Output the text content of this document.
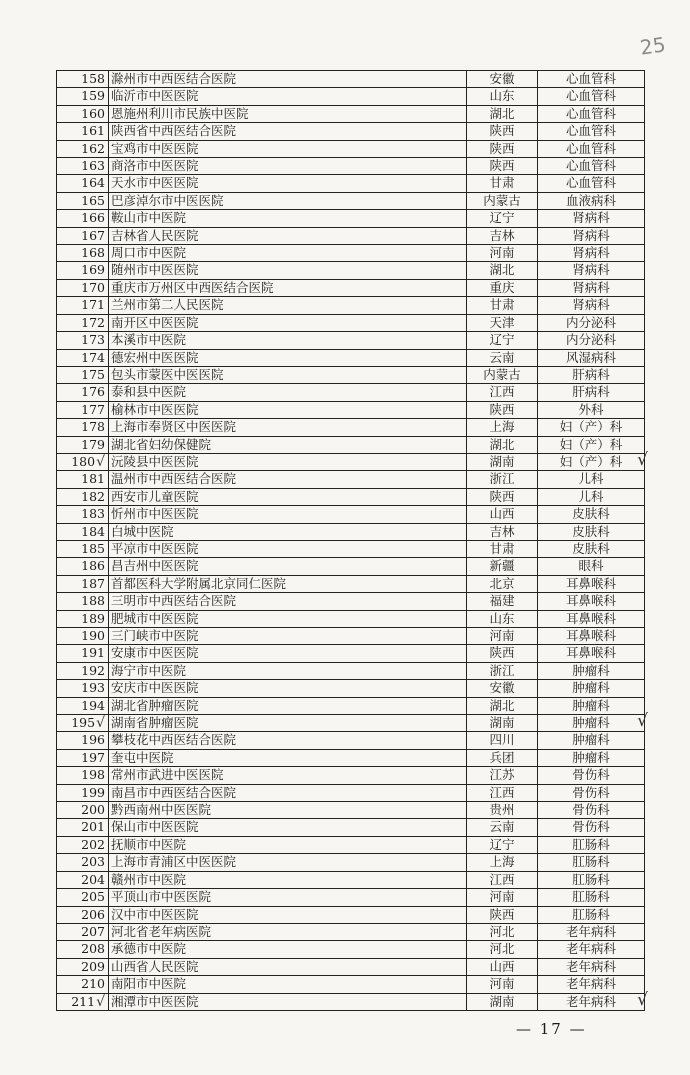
25
158	滁州市中西医结合医院	安徽	心血管科
159	临沂市中医医院	山东	心血管科
160	恩施州利川市民族中医院	湖北	心血管科
161	陕西省中西医结合医院	陕西	心血管科
162	宝鸡市中医医院	陕西	心血管科
163	商洛市中医医院	陕西	心血管科
164	天水市中医医院	甘肃	心血管科
165	巴彦淖尔市中医医院	内蒙古	血液病科
166	鞍山市中医院	辽宁	肾病科
167	吉林省人民医院	吉林	肾病科
168	周口市中医院	河南	肾病科
169	随州市中医医院	湖北	肾病科
170	重庆市万州区中西医结合医院	重庆	肾病科
171	兰州市第二人民医院	甘肃	肾病科
172	南开区中医医院	天津	内分泌科
173	本溪市中医院	辽宁	内分泌科
174	德宏州中医医院	云南	风湿病科
175	包头市蒙医中医医院	内蒙古	肝病科
176	泰和县中医院	江西	肝病科
177	榆林市中医医院	陕西	外科
178	上海市奉贤区中医医院	上海	妇（产）科
179	湖北省妇幼保健院	湖北	妇（产）科
180√	沅陵县中医医院	湖南	妇（产）科 √

181	温州市中西医结合医院	浙江	儿科
182	西安市儿童医院	陕西	儿科
183	忻州市中医医院	山西	皮肤科
184	白城中医院	吉林	皮肤科
185	平凉市中医医院	甘肃	皮肤科
186	昌吉州中医医院	新疆	眼科
187	首都医科大学附属北京同仁医院	北京	耳鼻喉科
188	三明市中西医结合医院	福建	耳鼻喉科
189	肥城市中医医院	山东	耳鼻喉科
190	三门峡市中医院	河南	耳鼻喉科
191	安康市中医医院	陕西	耳鼻喉科
192	海宁市中医院	浙江	肿瘤科
193	安庆市中医医院	安徽	肿瘤科
194	湖北省肿瘤医院	湖北	肿瘤科
195√	湖南省肿瘤医院	湖南	肿瘤科 √

196	攀枝花中西医结合医院	四川	肿瘤科
197	奎屯中医院	兵团	肿瘤科
198	常州市武进中医医院	江苏	骨伤科
199	南昌市中西医结合医院	江西	骨伤科
200	黔西南州中医医院	贵州	骨伤科
201	保山市中医医院	云南	骨伤科
202	抚顺市中医院	辽宁	肛肠科
203	上海市青浦区中医医院	上海	肛肠科
204	赣州市中医院	江西	肛肠科
205	平顶山市中医医院	河南	肛肠科
206	汉中市中医医院	陕西	肛肠科
207	河北省老年病医院	河北	老年病科
208	承德市中医院	河北	老年病科
209	山西省人民医院	山西	老年病科
210	南阳市中医院	河南	老年病科
211√	湘潭市中医医院	湖南	老年病科 √
— 17 —
